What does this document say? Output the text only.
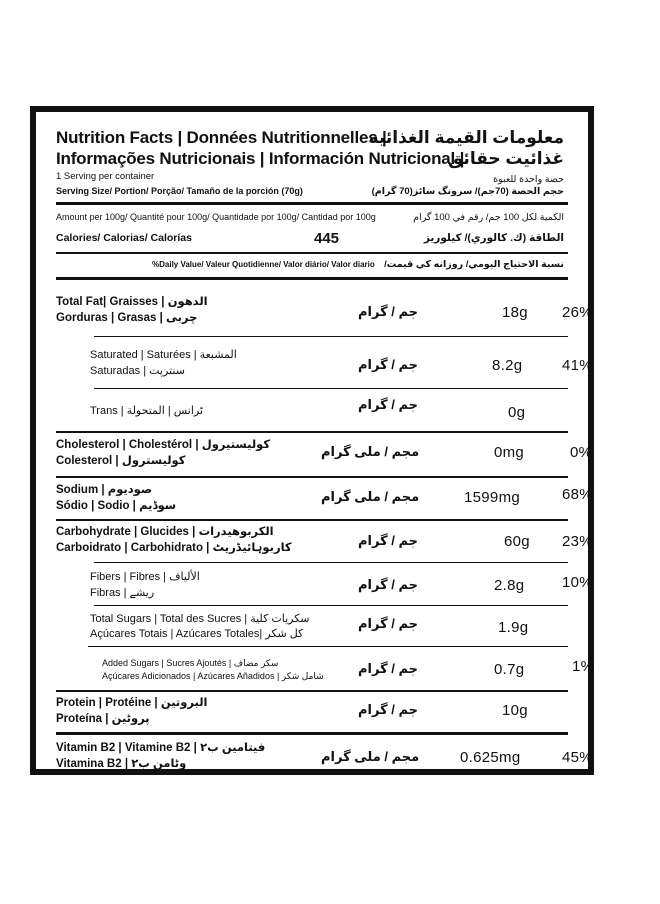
Nutrition Facts | Données Nutritionnelles |
معلومات القيمة الغذائية
Informações Nutricionais | Información Nutricional |
غذائيت حقائق
1 Serving per container	حصة واحدة للعبوة
Serving Size/ Portion/ Porção/ Tamaño de la porción (70g)	حجم الحصة (70جم)/ سرونگ سائز(70 گرام)
Amount per 100g/ Quantité pour 100g/ Quantidade por 100g/ Cantidad por 100g	الكمية لكل 100 جم/ رقم في 100 گرام
Calories/ Calorias/ Calorías	445	الطاقة (ك. كالوري)/ كيلوريز
%Daily Value/ Valeur Quotidienne/ Valor diário/ Valor diario نسبة الاحتياج اليومي/ روزانه كي قيمت/
Total Fat| Graisses | الدهون
Gorduras | Grasas | چربی	جم / گرام	18g 26%
Saturated | Saturées | المشبعة
Saturadas | سنترپت	جم / گرام	8.2g	41%
Trans | ٹرانس | المتحولة	جم / گرام	0g
Cholesterol | Cholestérol | كوليستيرول
Colesterol | كوليسترول
مجم / ملی گرام	0mg	0%
Sodium | صوديوم
Sódio | Sodio | سوڈیم
مجم / ملی گرام	1599mg	68%
Carbohydrate | Glucides | الكربوهيدرات
Carboidrato | Carbohidrato | کاربوہائیڈریٹ	جم / گرام	60g 23%
Fibers | Fibres | الألياف
Fibras | ریشے
جم / گرام	2.8g	10%
Total Sugars | Total des Sucres | سكريات كلية
Açúcares Totais | Azúcares Totales| کل شکر
جم / گرام	1.9g
Added Sugars | Sucres Ajoutés | سكر مضاف
Açúcares Adicionados | Azúcares Añadidos | شامل شکر	جم / گرام	0.7g	1%
Protein | Protéine | البروتين
Proteína | پروٹین
جم / گرام	10g
Vitamin B2 | Vitamine B2 | فيتامين ب٢
Vitamina B2 | وٹامن ب٢	مجم / ملی گرام	0.625mg	45%
